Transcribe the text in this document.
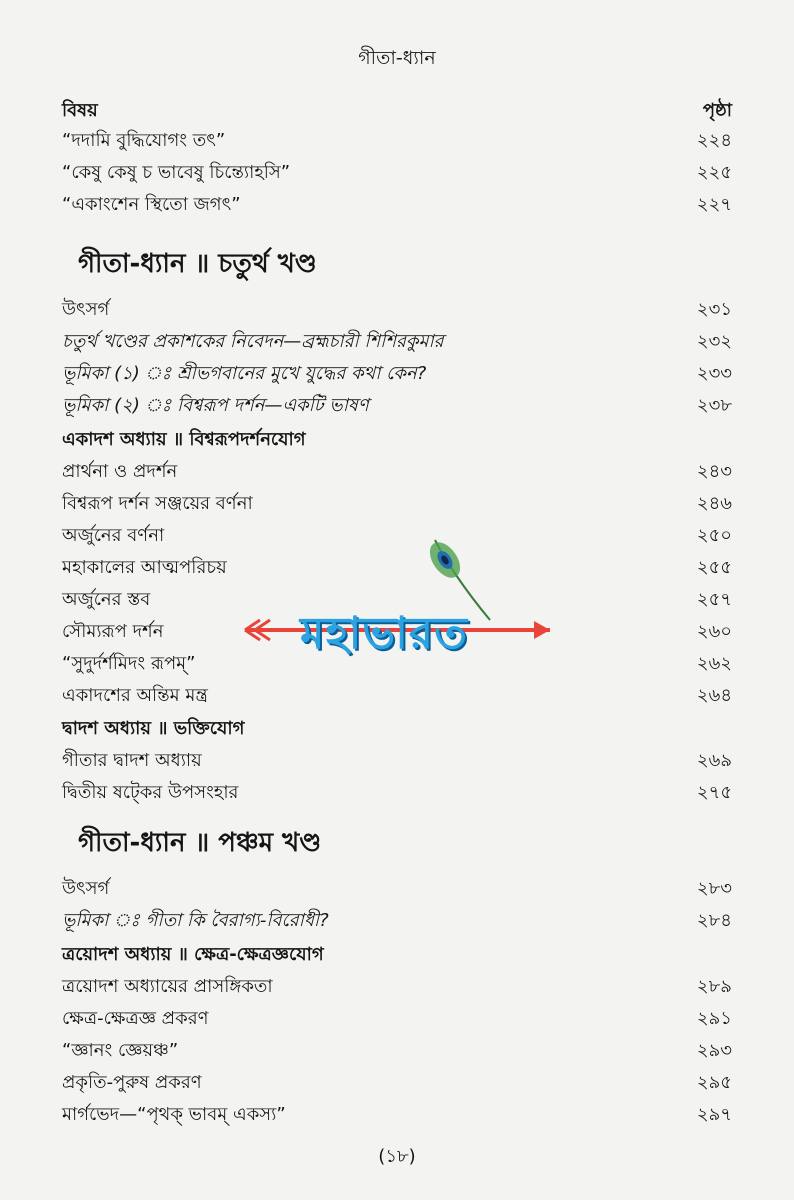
গীতা-ধ্যান
বিষয়	পৃষ্ঠা
“দদামি বুদ্ধিযোগং তৎ”	২২৪
“কেষু কেষু চ ভাবেষু চিন্ত্যোহসি”	২২৫
“একাংশেন স্থিতো জগৎ”	২২৭
গীতা-ধ্যান ॥ চতুর্থ খণ্ড
উৎসর্গ	২৩১
চতুর্থ খণ্ডের প্রকাশকের নিবেদন—ব্রহ্মচারী শিশিরকুমার	২৩২
ভূমিকা (১) ঃ শ্রীভগবানের মুখে যুদ্ধের কথা কেন?	২৩৩
ভূমিকা (২) ঃ বিশ্বরূপ দর্শন—একটি ভাষণ	২৩৮
একাদশ অধ্যায় ॥ বিশ্বরূপদর্শনযোগ
প্রার্থনা ও প্রদর্শন	২৪৩
বিশ্বরূপ দর্শন সঞ্জয়ের বর্ণনা	২৪৬
অর্জুনের বর্ণনা	২৫০
মহাকালের আত্মপরিচয়	২৫৫
অর্জুনের স্তব	২৫৭
সৌম্যরূপ দর্শন	২৬০
“সুদুর্দর্শমিদং রূপম্”	২৬২
একাদশের অন্তিম মন্ত্র	২৬৪
দ্বাদশ অধ্যায় ॥ ভক্তিযোগ
গীতার দ্বাদশ অধ্যায়	২৬৯
দ্বিতীয় ষট্কের উপসংহার	২৭৫
গীতা-ধ্যান ॥ পঞ্চম খণ্ড
উৎসর্গ	২৮৩
ভূমিকা ঃ গীতা কি বৈরাগ্য-বিরোধী?	২৮৪
ত্রয়োদশ অধ্যায় ॥ ক্ষেত্র-ক্ষেত্রজ্ঞযোগ
ত্রয়োদশ অধ্যায়ের প্রাসঙ্গিকতা	২৮৯
ক্ষেত্র-ক্ষেত্রজ্ঞ প্রকরণ	২৯১
“জ্ঞানং জ্ঞেয়ঞ্চ”	২৯৩
প্রকৃতি-পুরুষ প্রকরণ	২৯৫
মার্গভেদ—“পৃথক্ ভাবম্ একস্য”	২৯৭
(১৮)
মহাভারত
